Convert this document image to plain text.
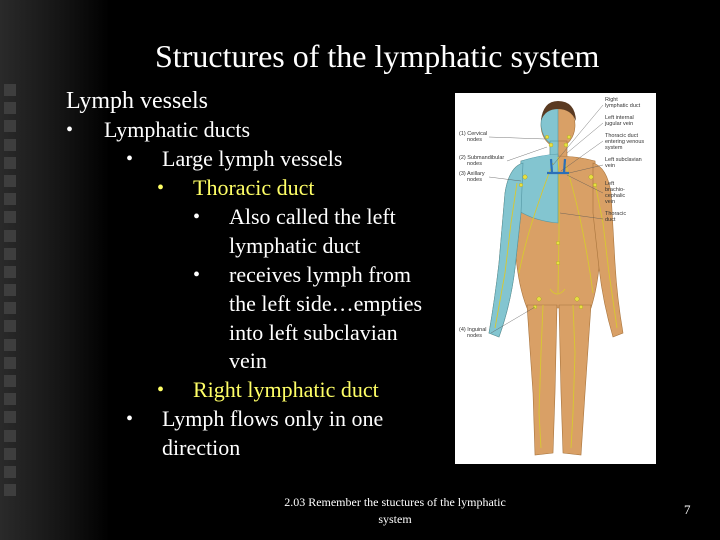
Structures of the lymphatic system
Lymph vessels
• Lymphatic ducts
• Large lymph vessels
• Thoracic duct
• Also called the left
lymphatic duct
• receives lymph from
the left side…empties
into left subclavian
vein
• Right lymphatic duct
• Lymph flows only in one
direction
(1) Cervical
nodes
(2) Submandibular
nodes
(3) Axillary
nodes
(4) Inguinal
nodes
Right
lymphatic duct
Left internal
jugular vein
Thoracic duct
entering venous
system
Left subclavian
vein
Left
brachio-
cephalic
vein
Thoracic
duct
2.03 Remember the stuctures of the lymphatic system
7
